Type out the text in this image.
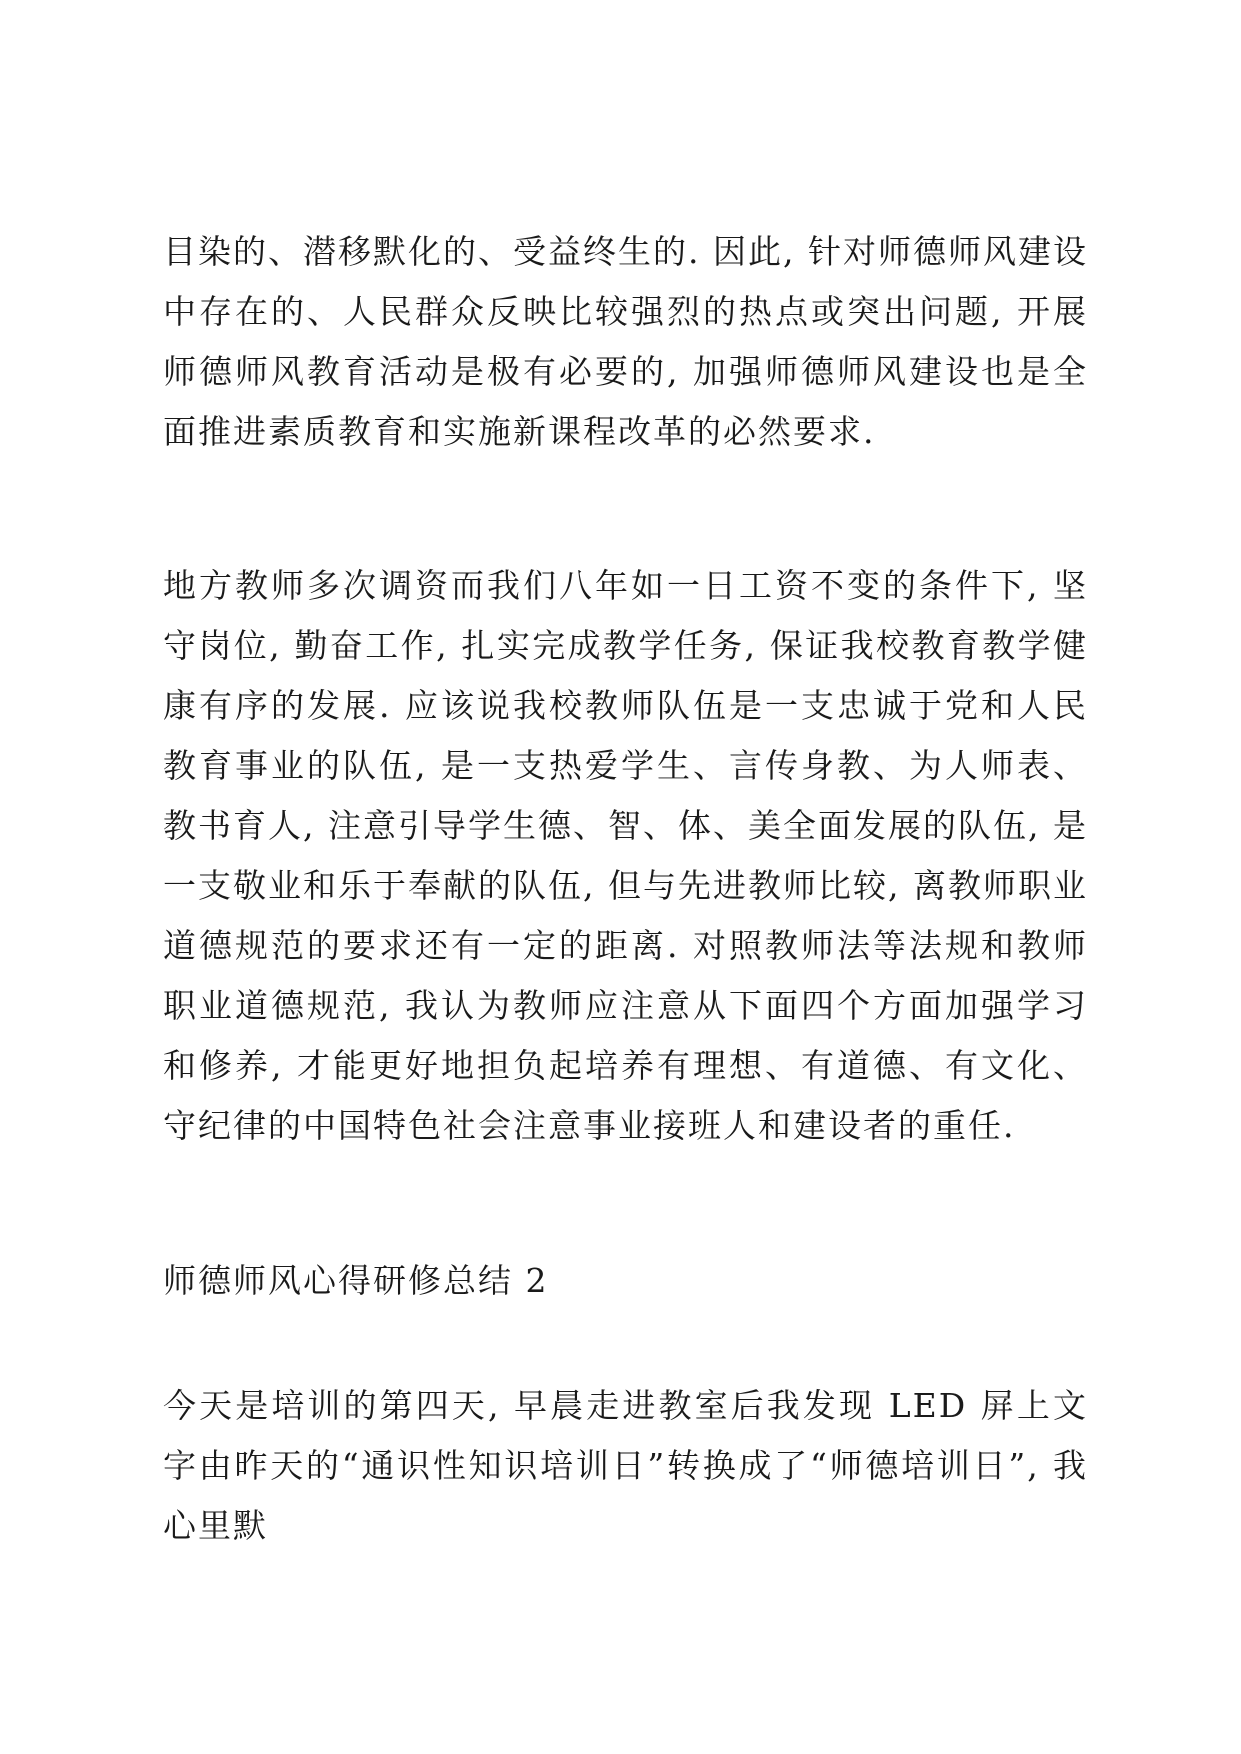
目染的、潜移默化的、受益终生的. 因此, 针对师德师风建设中存在的、人民群众反映比较强烈的热点或突出问题, 开展师德师风教育活动是极有必要的, 加强师德师风建设也是全面推进素质教育和实施新课程改革的必然要求.

地方教师多次调资而我们八年如一日工资不变的条件下, 坚守岗位, 勤奋工作, 扎实完成教学任务, 保证我校教育教学健康有序的发展. 应该说我校教师队伍是一支忠诚于党和人民教育事业的队伍, 是一支热爱学生、言传身教、为人师表、教书育人, 注意引导学生德、智、体、美全面发展的队伍, 是一支敬业和乐于奉献的队伍, 但与先进教师比较, 离教师职业道德规范的要求还有一定的距离. 对照教师法等法规和教师职业道德规范, 我认为教师应注意从下面四个方面加强学习和修养, 才能更好地担负起培养有理想、有道德、有文化、守纪律的中国特色社会注意事业接班人和建设者的重任.

师德师风心得研修总结 2

今天是培训的第四天, 早晨走进教室后我发现 LED 屏上文字由昨天的“通识性知识培训日”转换成了“师德培训日”, 我心里默
